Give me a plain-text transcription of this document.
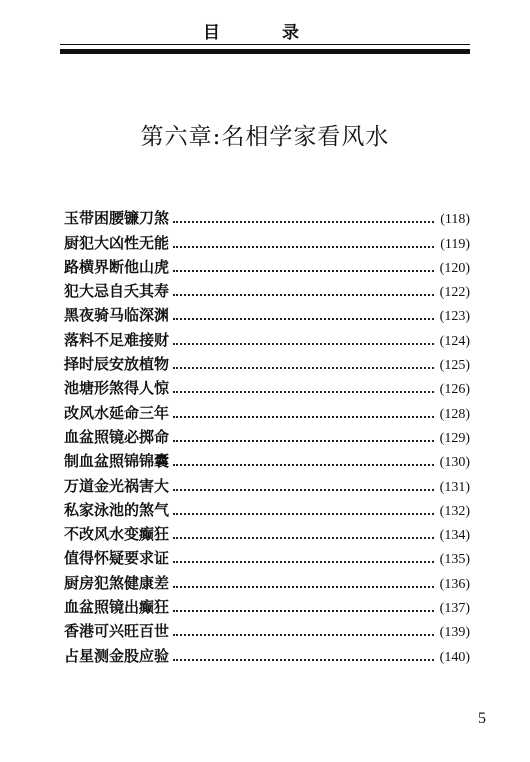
目 录
第六章:名相学家看风水
玉带困腰镰刀煞	(118)
厨犯大凶性无能	(119)
路横界断他山虎	(120)
犯大忌自夭其寿	(122)
黑夜骑马临深渊	(123)
落料不足难接财	(124)
择时辰安放植物	(125)
池塘形煞得人惊	(126)
改风水延命三年	(128)
血盆照镜必掷命	(129)
制血盆照锦锦囊	(130)
万道金光祸害大	(131)
私家泳池的煞气	(132)
不改风水变癫狂	(134)
值得怀疑要求证	(135)
厨房犯煞健康差	(136)
血盆照镜出癫狂	(137)
香港可兴旺百世	(139)
占星测金股应验	(140)
5
